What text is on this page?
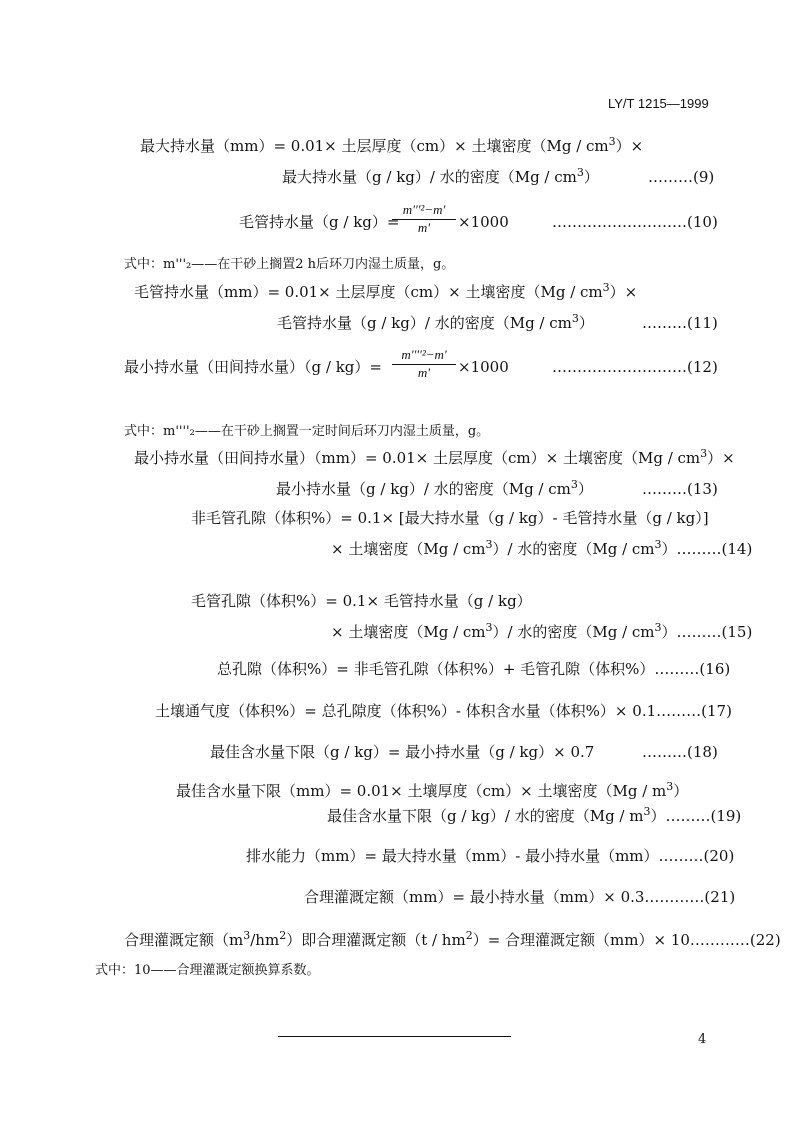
LY/T 1215—1999
最大持水量（mm）= 0.01× 土层厚度（cm）× 土壤密度$(Mg / cm^3)\times$
最大持水量（g / kg）/ 水的密度$(Mg / cm^3)$	………(9)
毛管持水量（g / kg）=
$\frac{\text{m'''²−m'}}{m'} \times 1000$	………………………(10)
式中：m'''₂——在干砂上搁置2 h后环刀内湿土质量，g。
毛管持水量（mm）= 0.01× 土层厚度（cm）× 土壤密度$(Mg / cm^3)\times$
毛管持水量（g / kg）/ 水的密度$(Mg / cm^3)$	………(11)
最小持水量（田间持水量）$(g / kg)= \frac{\text{m''''²−m'}}{m'} \times 1000$	………………………(12)
式中：m''''₂——在干砂上搁置一定时间后环刀内湿土质量，g。
最小持水量（田间持水量）（mm）= 0.01× 土层厚度（cm）× 土壤密度$(Mg / cm^3)\times$
最小持水量（g / kg）/ 水的密度$(Mg / cm^3)$	………(13)
非毛管孔隙（体积%）= 0.1× [最大持水量（g / kg）- 毛管持水量（g / kg）]
× 土壤密度$(Mg / cm^3)/$ 水的密度$(Mg / cm^3)\dots\dots\dots(14)$
毛管孔隙（体积%）= 0.1× 毛管持水量（g / kg）
× 土壤密度$(Mg / cm^3)/$ 水的密度$(Mg / cm^3)\dots\dots\dots(15)$
总孔隙（体积%）= 非毛管孔隙（体积%）+ 毛管孔隙（体积%）………(16)
土壤通气度（体积%）= 总孔隙度（体积%）- 体积含水量（体积%）× 0.1………(17)
最佳含水量下限（g / kg）= 最小持水量（g / kg）× 0.7	………(18)
最佳含水量下限（mm）= 0.01× 土壤厚度（cm）× 土壤密度$(Mg / m^3)$
最佳含水量下限（g / kg）/ 水的密度$(Mg / m^3)\dots\dots\dots(19)$
排水能力（mm）= 最大持水量（mm）- 最小持水量（mm）………(20)
合理灌溉定额（mm）= 最小持水量（mm）× 0.3…………(21)
合理灌溉定额$(m^3/hm^2)$即合理灌溉定额$(t / hm^2)=$ 合理灌溉定额（mm）× 10…………(22)
式中：10——合理灌溉定额换算系数。
4
